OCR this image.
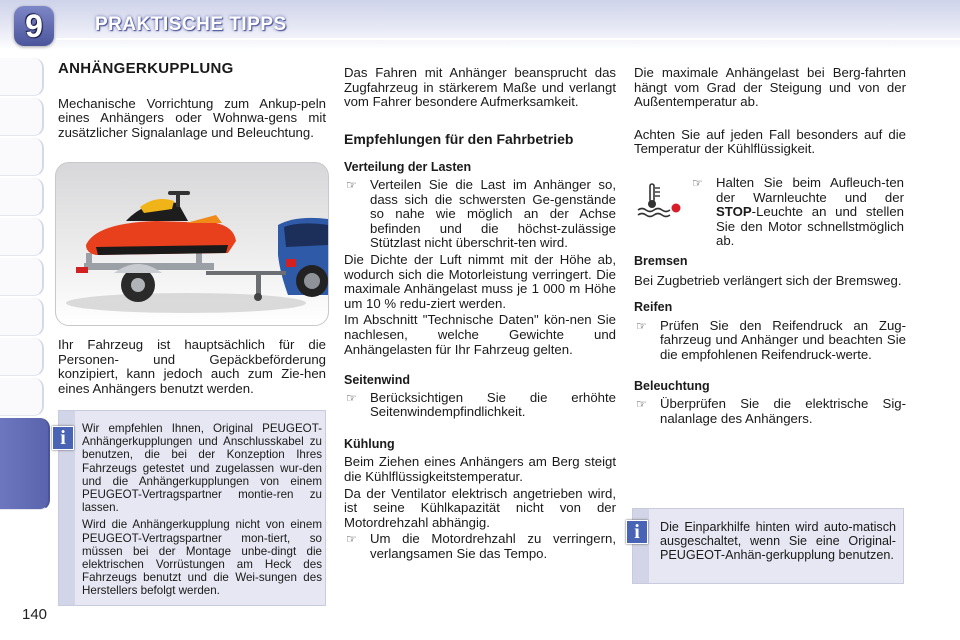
9	PRAKTISCHE TIPPS
140

ANHÄNGERKUPPLUNG

Mechanische Vorrichtung zum Ankup-peln eines Anhängers oder Wohnwa-gens mit zusätzlicher Signalanlage und Beleuchtung.

Ihr Fahrzeug ist hauptsächlich für die Personen- und Gepäckbeförderung konzipiert, kann jedoch auch zum Zie-hen eines Anhängers benutzt werden.

i	Wir empfehlen Ihnen, Original PEUGEOT-Anhängerkupplungen und Anschlusskabel zu benutzen, die bei der Konzeption Ihres Fahrzeugs getestet und zugelassen wur-den und die Anhängerkupplungen von einem PEUGEOT-Vertragspartner montie-ren zu lassen.

Wird die Anhängerkupplung nicht von einem PEUGEOT-Vertragspartner mon-tiert, so müssen bei der Montage unbe-dingt die elektrischen Vorrüstungen am Heck des Fahrzeugs benutzt und die Wei-sungen des Herstellers befolgt werden.

Das Fahren mit Anhänger beansprucht das Zugfahrzeug in stärkerem Maße und verlangt vom Fahrer besondere Aufmerksamkeit.

Empfehlungen für den Fahrbetrieb

Verteilung der Lasten

☞	Verteilen Sie die Last im Anhänger so, dass sich die schwersten Ge-genstände so nahe wie möglich an der Achse befinden und die höchst-zulässige Stützlast nicht überschrit-ten wird.

Die Dichte der Luft nimmt mit der Höhe ab, wodurch sich die Motorleistung verringert. Die maximale Anhängelast muss je 1 000 m Höhe um 10 % redu-ziert werden.

Im Abschnitt "Technische Daten" kön-nen Sie nachlesen, welche Gewichte und Anhängelasten für Ihr Fahrzeug gelten.

Seitenwind

☞	Berücksichtigen Sie die erhöhte Seitenwindempfindlichkeit.

Kühlung

Beim Ziehen eines Anhängers am Berg steigt die Kühlflüssigkeitstemperatur.

Da der Ventilator elektrisch angetrieben wird, ist seine Kühlkapazität nicht von der Motordrehzahl abhängig.

☞	Um die Motordrehzahl zu verringern, verlangsamen Sie das Tempo.

Die maximale Anhängelast bei Berg-fahrten hängt vom Grad der Steigung und von der Außentemperatur ab.

Achten Sie auf jeden Fall besonders auf die Temperatur der Kühlflüssigkeit.

☞	Halten Sie beim Aufleuch-ten der Warnleuchte und der STOP-Leuchte an und stellen Sie den Motor schnellstmöglich ab.

Bremsen

Bei Zugbetrieb verlängert sich der Bremsweg.

Reifen

☞	Prüfen Sie den Reifendruck an Zug-fahrzeug und Anhänger und beachten Sie die empfohlenen Reifendruck-werte.

Beleuchtung

☞	Überprüfen Sie die elektrische Sig-nalanlage des Anhängers.
i	Die Einparkhilfe hinten wird auto-matisch ausgeschaltet, wenn Sie eine Original-PEUGEOT-Anhän-gerkupplung benutzen.
